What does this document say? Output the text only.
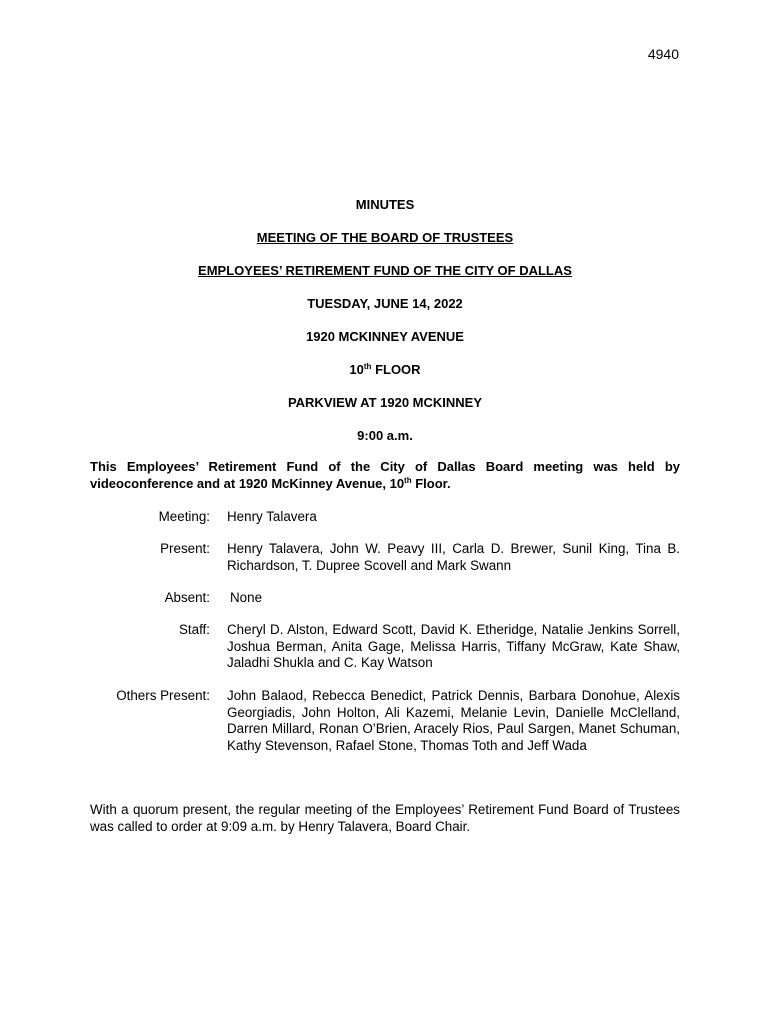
4940
MINUTES
MEETING OF THE BOARD OF TRUSTEES
EMPLOYEES’ RETIREMENT FUND OF THE CITY OF DALLAS
TUESDAY, JUNE 14, 2022
1920 MCKINNEY AVENUE
10th FLOOR
PARKVIEW AT 1920 MCKINNEY
9:00 a.m.
This Employees’ Retirement Fund of the City of Dallas Board meeting was held by videoconference and at 1920 McKinney Avenue, 10th Floor.
Meeting: Henry Talavera
Present: Henry Talavera, John W. Peavy III, Carla D. Brewer, Sunil King, Tina B. Richardson, T. Dupree Scovell and Mark Swann
Absent: None
Staff: Cheryl D. Alston, Edward Scott, David K. Etheridge, Natalie Jenkins Sorrell, Joshua Berman, Anita Gage, Melissa Harris, Tiffany McGraw, Kate Shaw, Jaladhi Shukla and C. Kay Watson
Others Present: John Balaod, Rebecca Benedict, Patrick Dennis, Barbara Donohue, Alexis Georgiadis, John Holton, Ali Kazemi, Melanie Levin, Danielle McClelland, Darren Millard, Ronan O’Brien, Aracely Rios, Paul Sargen, Manet Schuman, Kathy Stevenson, Rafael Stone, Thomas Toth and Jeff Wada
With a quorum present, the regular meeting of the Employees’ Retirement Fund Board of Trustees was called to order at 9:09 a.m. by Henry Talavera, Board Chair.
